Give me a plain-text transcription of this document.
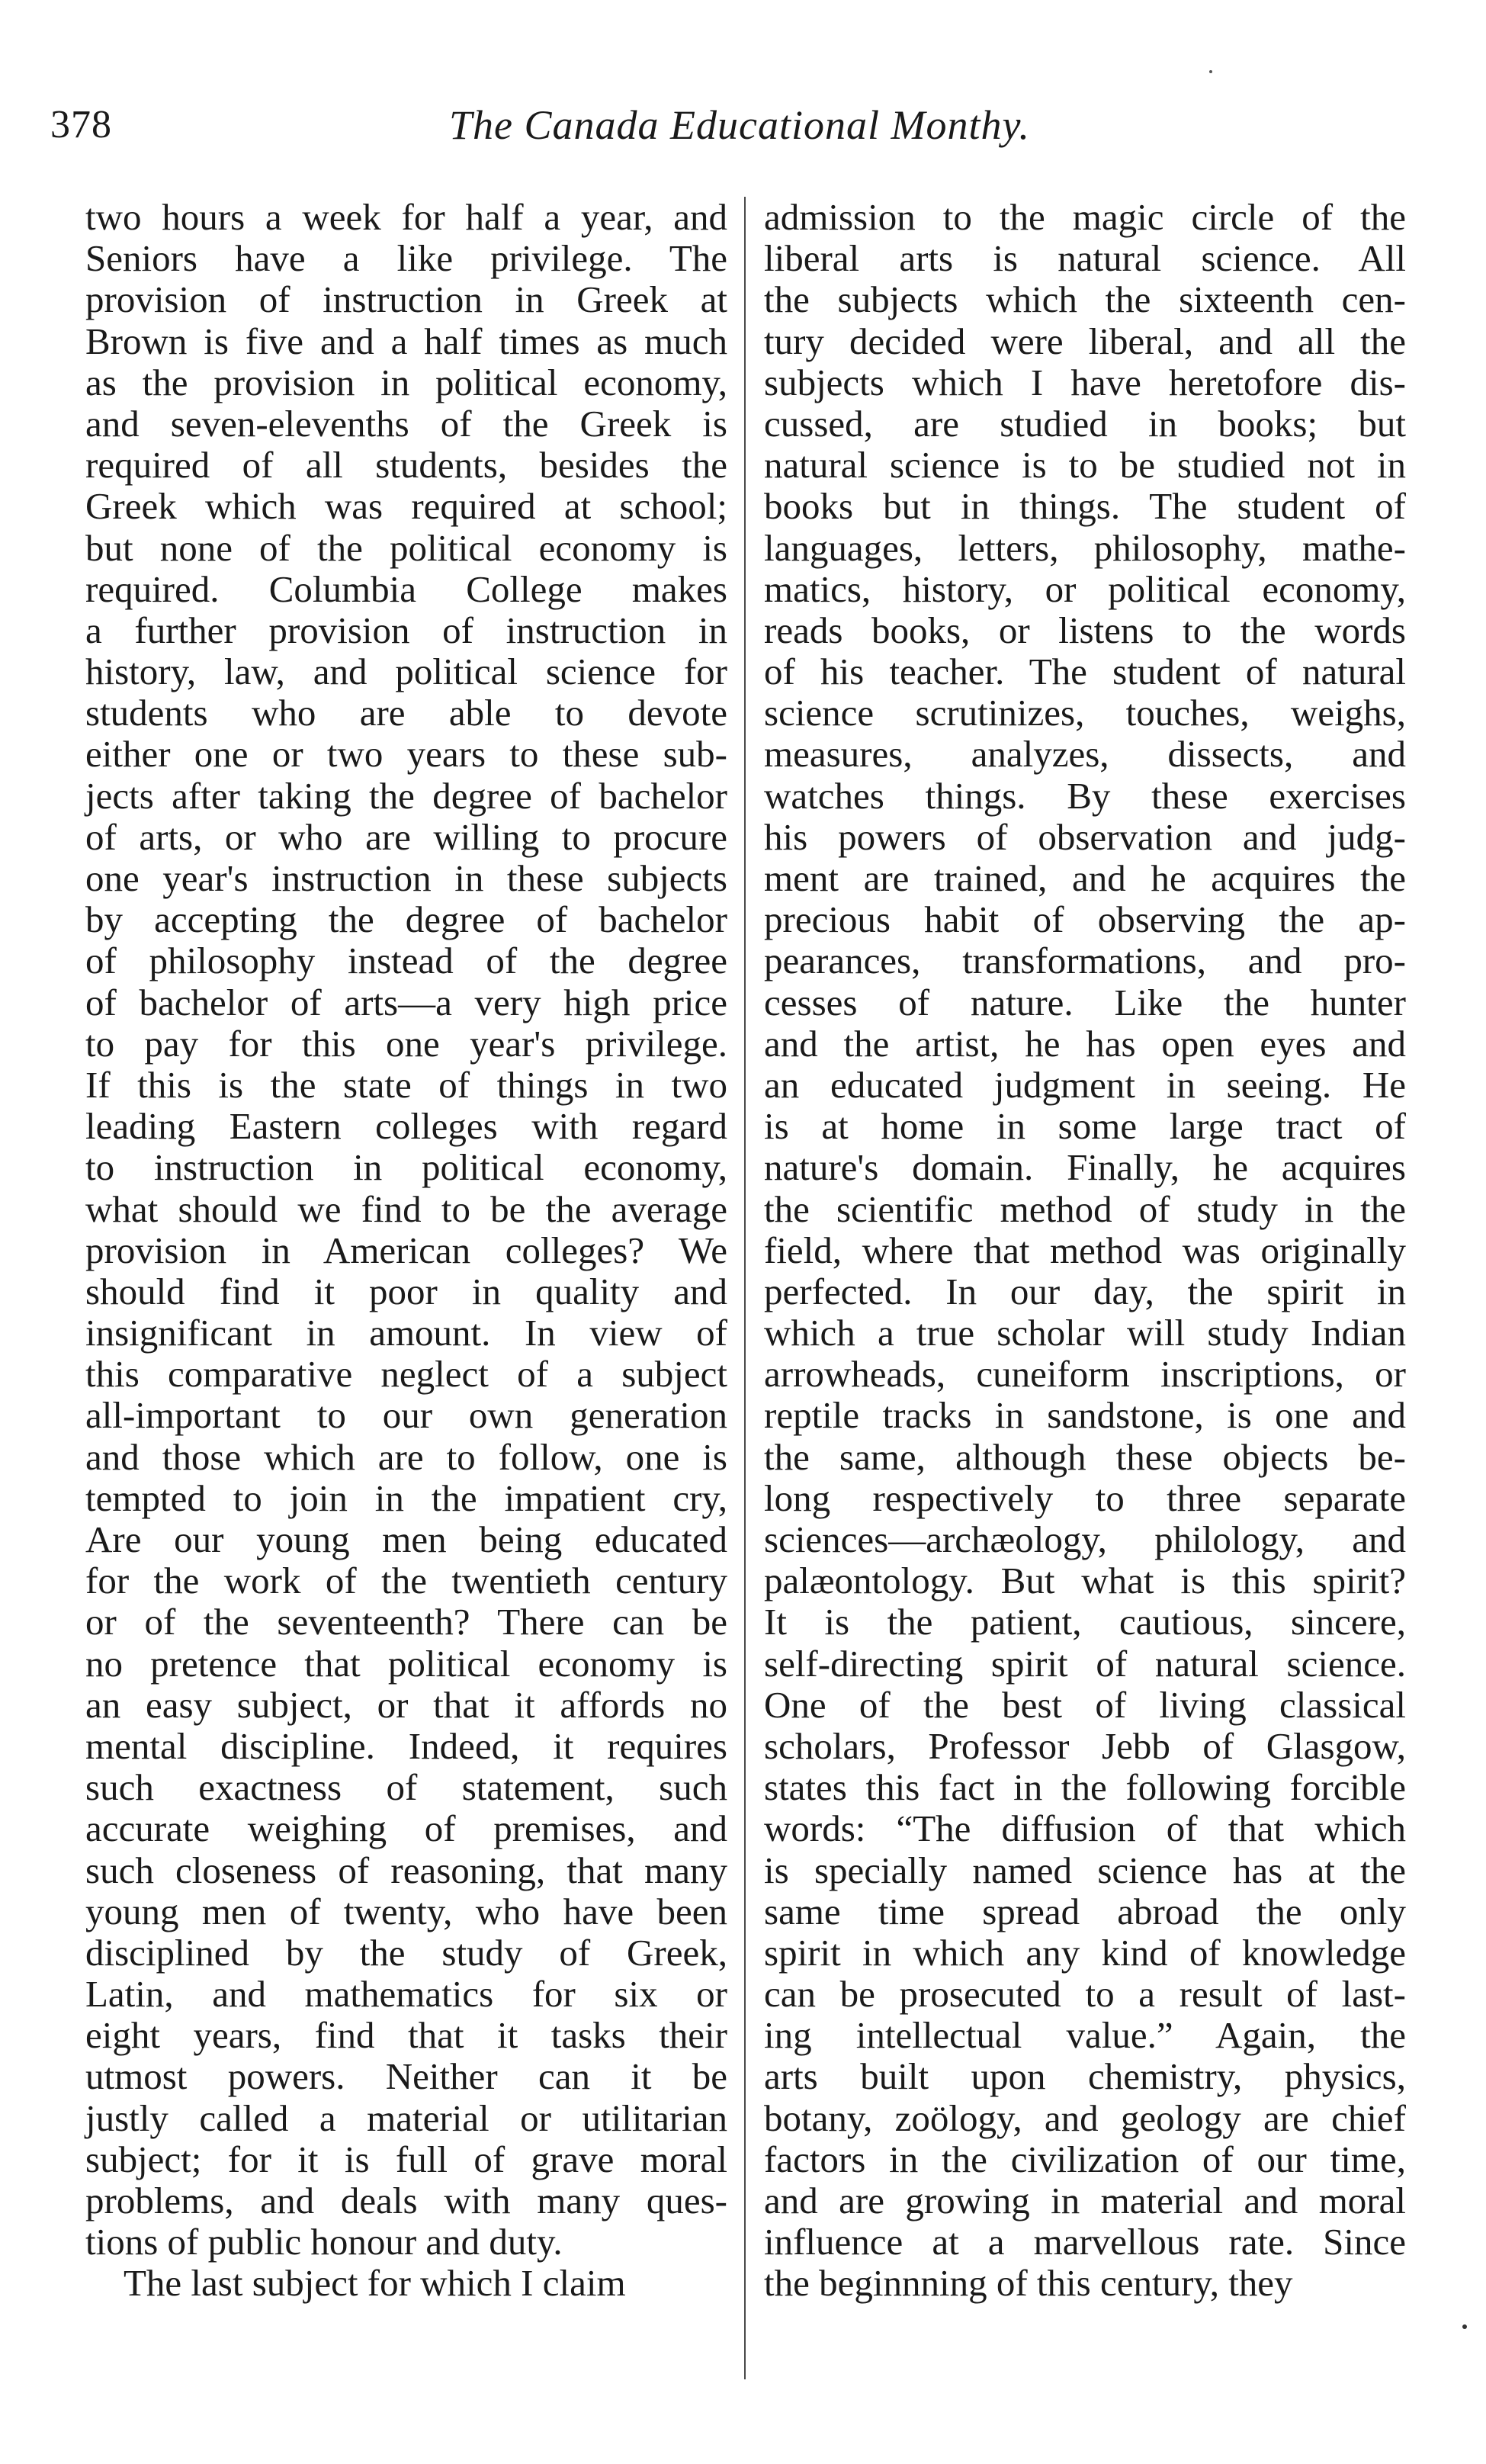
378	The Canada Educational Monthy.
two hours a week for half a year, and
Seniors have a like privilege. The
provision of instruction in Greek at
Brown is five and a half times as much
as the provision in political economy,
and seven-elevenths of the Greek is
required of all students, besides the
Greek which was required at school;
but none of the political economy is
required. Columbia College makes
a further provision of instruction in
history, law, and political science for
students who are able to devote
either one or two years to these sub-
jects after taking the degree of bachelor
of arts, or who are willing to procure
one year's instruction in these subjects
by accepting the degree of bachelor
of philosophy instead of the degree
of bachelor of arts—a very high price
to pay for this one year's privilege.
If this is the state of things in two
leading Eastern colleges with regard
to instruction in political economy,
what should we find to be the average
provision in American colleges? We
should find it poor in quality and
insignificant in amount. In view of
this comparative neglect of a subject
all-important to our own generation
and those which are to follow, one is
tempted to join in the impatient cry,
Are our young men being educated
for the work of the twentieth century
or of the seventeenth? There can be
no pretence that political economy is
an easy subject, or that it affords no
mental discipline. Indeed, it requires
such exactness of statement, such
accurate weighing of premises, and
such closeness of reasoning, that many
young men of twenty, who have been
disciplined by the study of Greek,
Latin, and mathematics for six or
eight years, find that it tasks their
utmost powers. Neither can it be
justly called a material or utilitarian
subject; for it is full of grave moral
problems, and deals with many ques-
tions of public honour and duty.
The last subject for which I claim
admission to the magic circle of the
liberal arts is natural science. All
the subjects which the sixteenth cen-
tury decided were liberal, and all the
subjects which I have heretofore dis-
cussed, are studied in books; but
natural science is to be studied not in
books but in things. The student of
languages, letters, philosophy, mathe-
matics, history, or political economy,
reads books, or listens to the words
of his teacher. The student of natural
science scrutinizes, touches, weighs,
measures, analyzes, dissects, and
watches things. By these exercises
his powers of observation and judg-
ment are trained, and he acquires the
precious habit of observing the ap-
pearances, transformations, and pro-
cesses of nature. Like the hunter
and the artist, he has open eyes and
an educated judgment in seeing. He
is at home in some large tract of
nature's domain. Finally, he acquires
the scientific method of study in the
field, where that method was originally
perfected. In our day, the spirit in
which a true scholar will study Indian
arrowheads, cuneiform inscriptions, or
reptile tracks in sandstone, is one and
the same, although these objects be-
long respectively to three separate
sciences—archæology, philology, and
palæontology. But what is this spirit?
It is the patient, cautious, sincere,
self-directing spirit of natural science.
One of the best of living classical
scholars, Professor Jebb of Glasgow,
states this fact in the following forcible
words: “The diffusion of that which
is specially named science has at the
same time spread abroad the only
spirit in which any kind of knowledge
can be prosecuted to a result of last-
ing intellectual value.” Again, the
arts built upon chemistry, physics,
botany, zoölogy, and geology are chief
factors in the civilization of our time,
and are growing in material and moral
influence at a marvellous rate. Since
the beginnning of this century, they
